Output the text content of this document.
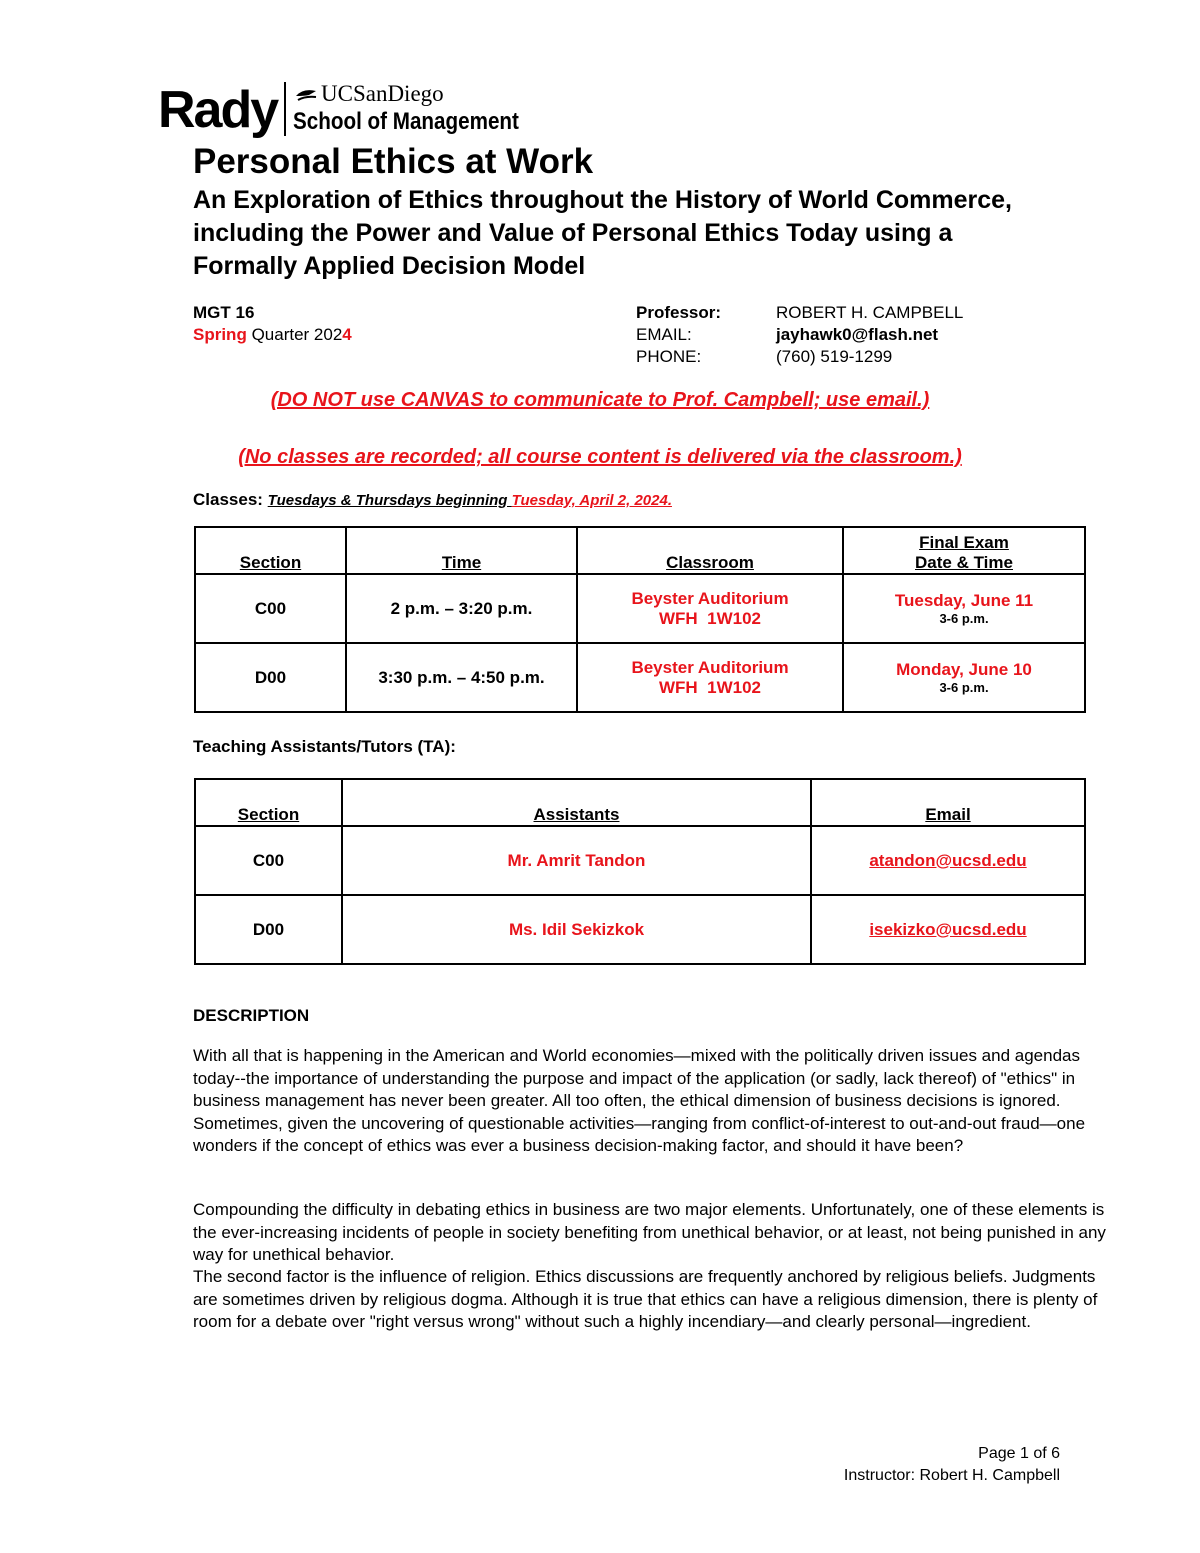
Rady	UCSanDiego
School of Management
Personal Ethics at Work
An Exploration of Ethics throughout the History of World Commerce, including the Power and Value of Personal Ethics Today using a Formally Applied Decision Model
MGT 16
Spring Quarter 2024
Professor:	ROBERT H. CAMPBELL
EMAIL:	jayhawk0@flash.net
PHONE:	(760) 519-1299
(DO NOT use CANVAS to communicate to Prof. Campbell; use email.)
(No classes are recorded; all course content is delivered via the classroom.)
Classes: Tuesdays & Thursdays beginning Tuesday, April 2, 2024.
Section	Time	Classroom	Final Exam
Date & Time
C00	2 p.m. – 3:20 p.m.	Beyster Auditorium
WFH  1W102	Tuesday, June 11
3-6 p.m.

D00	3:30 p.m. – 4:50 p.m.	Beyster Auditorium
WFH  1W102	Monday, June 10
3-6 p.m.
Teaching Assistants/Tutors (TA):
Section	Assistants	Email
C00	Mr. Amrit Tandon	atandon@ucsd.edu
D00	Ms. Idil Sekizkok	isekizko@ucsd.edu
DESCRIPTION

With all that is happening in the American and World economies—mixed with the politically driven issues and agendas today--the importance of understanding the purpose and impact of the application (or sadly, lack thereof) of "ethics" in business management has never been greater. All too often, the ethical dimension of business decisions is ignored. Sometimes, given the uncovering of questionable activities—ranging from conflict-of-interest to out-and-out fraud—one wonders if the concept of ethics was ever a business decision-making factor, and should it have been?

Compounding the difficulty in debating ethics in business are two major elements. Unfortunately, one of these elements is the ever-increasing incidents of people in society benefiting from unethical behavior, or at least, not being punished in any way for unethical behavior.

The second factor is the influence of religion. Ethics discussions are frequently anchored by religious beliefs. Judgments are sometimes driven by religious dogma. Although it is true that ethics can have a religious dimension, there is plenty of room for a debate over "right versus wrong" without such a highly incendiary—and clearly personal—ingredient.

Page 1 of 6
Instructor: Robert H. Campbell
